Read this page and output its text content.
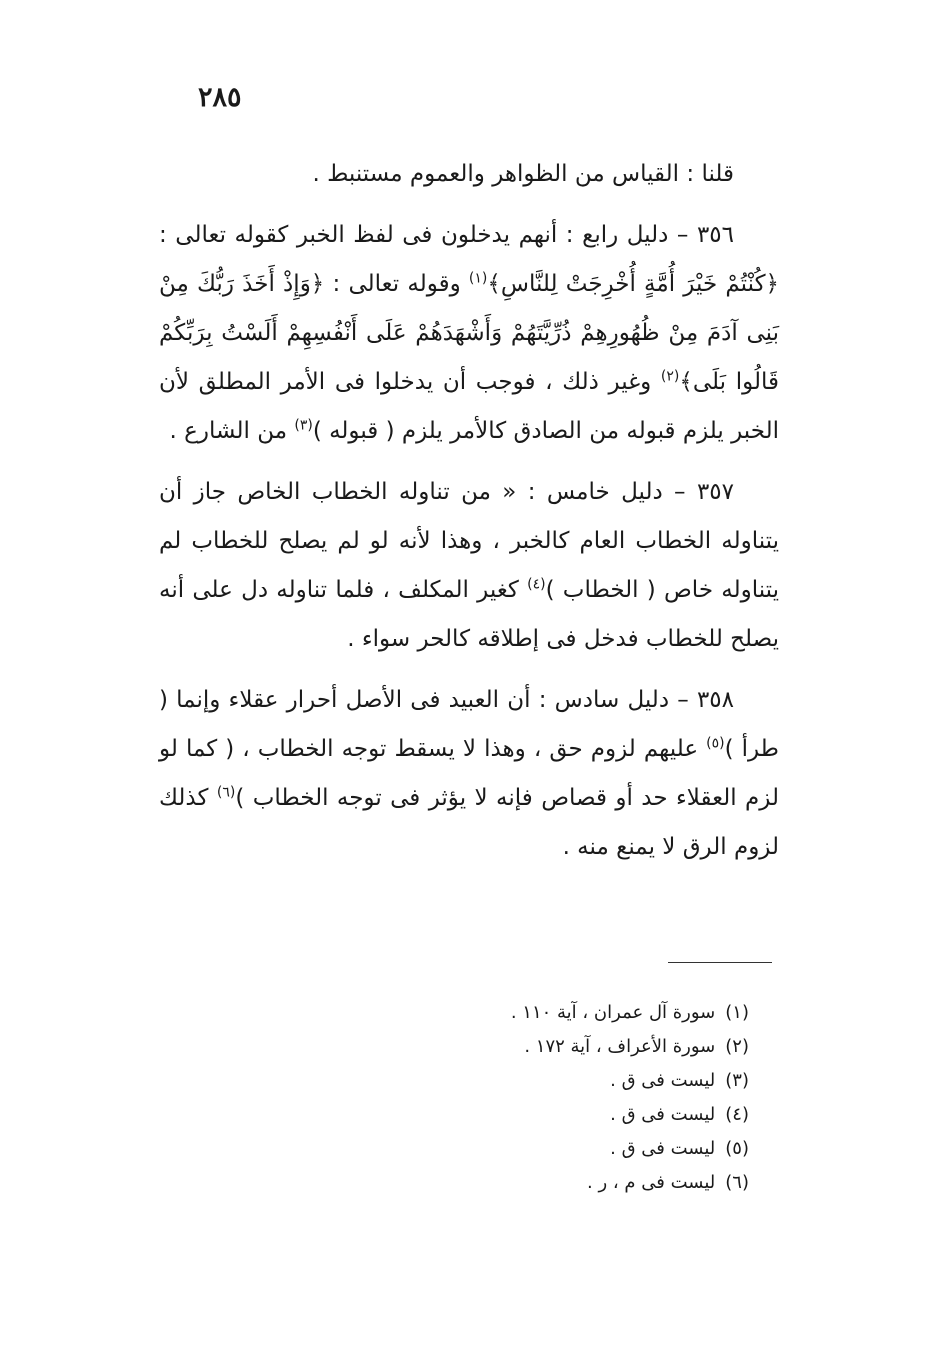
٢٨٥

قلنا : القياس من الظواهر والعموم مستنبط .

٣٥٦ – دليل رابع : أنهم يدخلون فى لفظ الخبر كقوله تعالى : ﴿كُنْتُمْ خَيْرَ أُمَّةٍ أُخْرِجَتْ لِلنَّاسِ﴾$^{(١)}$ وقوله تعالى : ﴿وَإِذْ أَخَذَ رَبُّكَ مِنْ بَنِى آدَمَ مِنْ ظُهُورِهِمْ ذُرِّيَّتَهُمْ وَأَشْهَدَهُمْ عَلَى أَنْفُسِهِمْ أَلَسْتُ بِرَبِّكُمْ قَالُوا بَلَى﴾$^{(٢)}$ وغير ذلك ، فوجب أن يدخلوا فى الأمر المطلق لأن الخبر يلزم قبوله من الصادق كالأمر يلزم ( قبوله )$^{(٣)}$ من الشارع .

٣٥٧ – دليل خامس : « من تناوله الخطاب الخاص جاز أن يتناوله الخطاب العام كالخبر ، وهذا لأنه لو لم يصلح للخطاب لم يتناوله خاص ( الخطاب )$^{(٤)}$ كغير المكلف ، فلما تناوله دل على أنه يصلح للخطاب فدخل فى إطلاقه كالحر سواء .

٣٥٨ – دليل سادس : أن العبيد فى الأصل أحرار عقلاء وإنما ( طرأ )$^{(٥)}$ عليهم لزوم حق ، وهذا لا يسقط توجه الخطاب ، ( كما لو لزم العقلاء حد أو قصاص فإنه لا يؤثر فى توجه الخطاب )$^{(٦)}$ كذلك لزوم الرق لا يمنع منه .

(١)سورة آل عمران ، آية ١١٠ .
(٢)سورة الأعراف ، آية ١٧٢ .
(٣)ليست فى ق .
(٤)ليست فى ق .
(٥)ليست فى ق .
(٦)ليست فى م ، ر .
